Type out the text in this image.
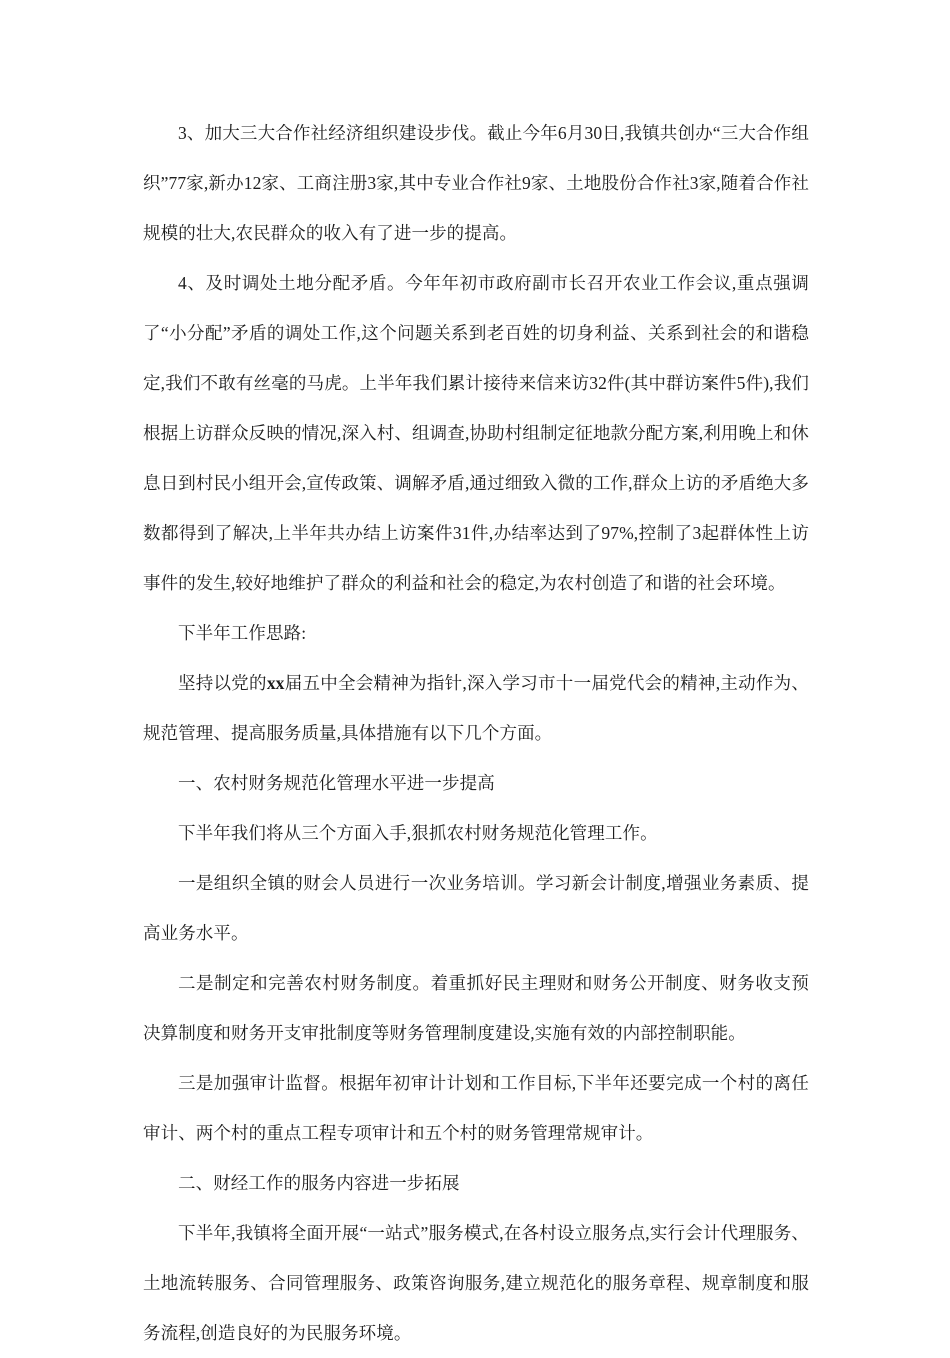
3、加大三大合作社经济组织建设步伐。截止今年6月30日,我镇共创办“三大合作组织”77家,新办12家、工商注册3家,其中专业合作社9家、土地股份合作社3家,随着合作社规模的壮大,农民群众的收入有了进一步的提高。

4、及时调处土地分配矛盾。今年年初市政府副市长召开农业工作会议,重点强调了“小分配”矛盾的调处工作,这个问题关系到老百姓的切身利益、关系到社会的和谐稳定,我们不敢有丝毫的马虎。上半年我们累计接待来信来访32件(其中群访案件5件),我们根据上访群众反映的情况,深入村、组调查,协助村组制定征地款分配方案,利用晚上和休息日到村民小组开会,宣传政策、调解矛盾,通过细致入微的工作,群众上访的矛盾绝大多数都得到了解决,上半年共办结上访案件31件,办结率达到了97%,控制了3起群体性上访事件的发生,较好地维护了群众的利益和社会的稳定,为农村创造了和谐的社会环境。

下半年工作思路:

坚持以党的xx届五中全会精神为指针,深入学习市十一届党代会的精神,主动作为、规范管理、提高服务质量,具体措施有以下几个方面。

一、农村财务规范化管理水平进一步提高

下半年我们将从三个方面入手,狠抓农村财务规范化管理工作。

一是组织全镇的财会人员进行一次业务培训。学习新会计制度,增强业务素质、提高业务水平。

二是制定和完善农村财务制度。着重抓好民主理财和财务公开制度、财务收支预决算制度和财务开支审批制度等财务管理制度建设,实施有效的内部控制职能。

三是加强审计监督。根据年初审计计划和工作目标,下半年还要完成一个村的离任审计、两个村的重点工程专项审计和五个村的财务管理常规审计。

二、财经工作的服务内容进一步拓展

下半年,我镇将全面开展“一站式”服务模式,在各村设立服务点,实行会计代理服务、土地流转服务、合同管理服务、政策咨询服务,建立规范化的服务章程、规章制度和服务流程,创造良好的为民服务环境。
